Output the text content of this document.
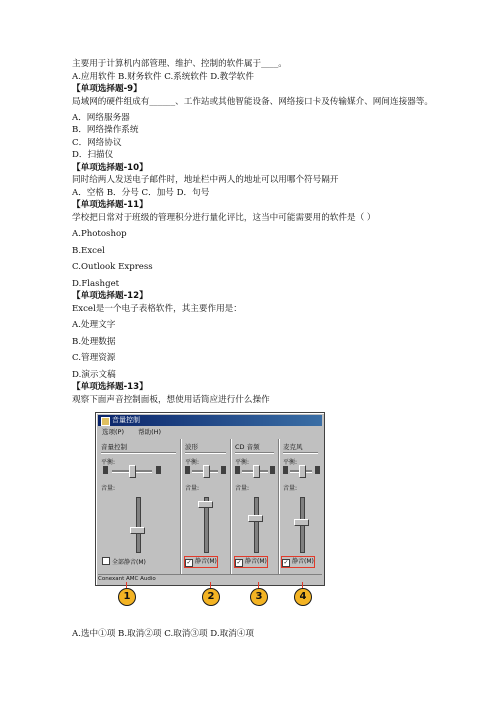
主要用于计算机内部管理、维护、控制的软件属于____。
A.应用软件 B.财务软件 C.系统软件 D.教学软件
【单项选择题-9】
局域网的硬件组成有______、工作站或其他智能设备、网络接口卡及传输媒介、网间连接器等。
A．网络服务器
B．网络操作系统
C．网络协议
D．扫描仪
【单项选择题-10】
同时给两人发送电子邮件时，地址栏中两人的地址可以用哪个符号隔开
A．空格 B．分号 C．加号 D．句号
【单项选择题-11】
学校把日常对于班级的管理积分进行量化评比，这当中可能需要用的软件是（ ）
A.Photoshop
B.Excel
C.Outlook Express
D.Flashget
【单项选择题-12】
Excel是一个电子表格软件，其主要作用是：
A.处理文字
B.处理数据
C.管理资源
D.演示文稿
【单项选择题-13】
观察下面声音控制面板，想使用话筒应进行什么操作
音量控制
选项(P) 帮助(H)
音量控制
平衡:
音量:
全部静音(M)
波形
平衡:
音量:
✓ 静音(M)
CD 音频
平衡:
音量:
✓ 静音(M)
麦克风
平衡:
音量:
✓ 静音(M)
Conexant AMC Audio
1	2	3	4
A.选中①项 B.取消②项 C.取消③项 D.取消④项
